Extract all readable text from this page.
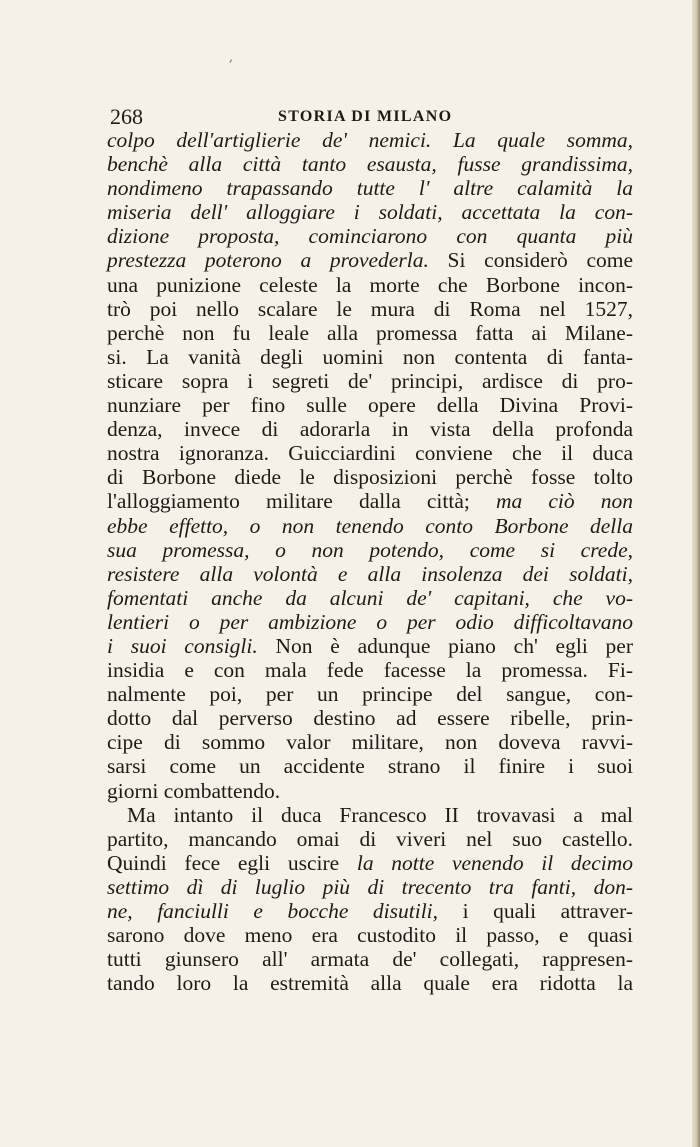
ʼ
268	STORIA DI MILANO
colpo dell'artiglierie de' nemici. La quale somma,
benchè alla città tanto esausta, fusse grandissima,
nondimeno trapassando tutte l' altre calamità la
miseria dell' alloggiare i soldati, accettata la con-
dizione proposta, cominciarono con quanta più
prestezza poterono a provederla. Si considerò come
una punizione celeste la morte che Borbone incon-
trò poi nello scalare le mura di Roma nel 1527,
perchè non fu leale alla promessa fatta ai Milane-
si. La vanità degli uomini non contenta di fanta-
sticare sopra i segreti de' principi, ardisce di pro-
nunziare per fino sulle opere della Divina Provi-
denza, invece di adorarla in vista della profonda
nostra ignoranza. Guicciardini conviene che il duca
di Borbone diede le disposizioni perchè fosse tolto
l'alloggiamento militare dalla città; ma ciò non
ebbe effetto, o non tenendo conto Borbone della
sua promessa, o non potendo, come si crede,
resistere alla volontà e alla insolenza dei soldati,
fomentati anche da alcuni de' capitani, che vo-
lentieri o per ambizione o per odio difficoltavano
i suoi consigli. Non è adunque piano ch' egli per
insidia e con mala fede facesse la promessa. Fi-
nalmente poi, per un principe del sangue, con-
dotto dal perverso destino ad essere ribelle, prin-
cipe di sommo valor militare, non doveva ravvi-
sarsi come un accidente strano il finire i suoi
giorni combattendo.
Ma intanto il duca Francesco II trovavasi a mal
partito, mancando omai di viveri nel suo castello.
Quindi fece egli uscire la notte venendo il decimo
settimo dì di luglio più di trecento tra fanti, don-
ne, fanciulli e bocche disutili, i quali attraver-
sarono dove meno era custodito il passo, e quasi
tutti giunsero all' armata de' collegati, rappresen-
tando loro la estremità alla quale era ridotta la
